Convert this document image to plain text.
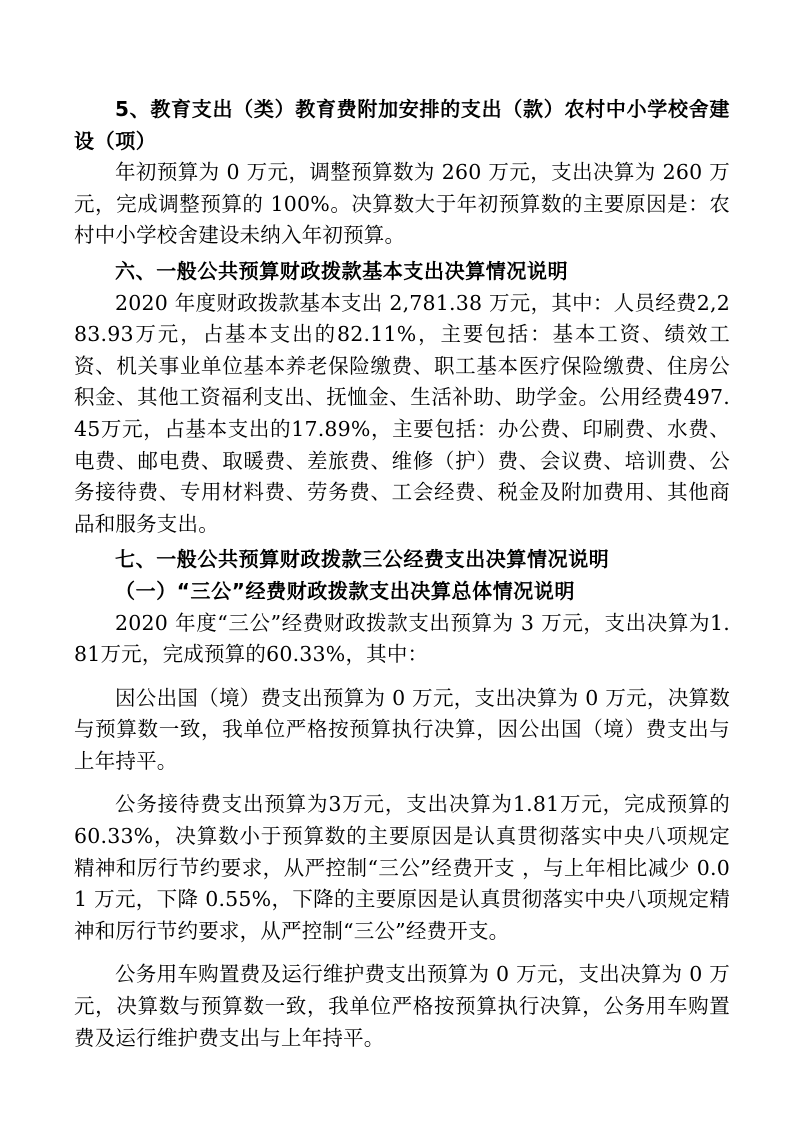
5、教育支出（类）教育费附加安排的支出（款）农村中小学校舍建设（项）

年初预算为 0 万元，调整预算数为 260 万元，支出决算为 260 万元，完成调整预算的 100%。决算数大于年初预算数的主要原因是：农村中小学校舍建设未纳入年初预算。

六、一般公共预算财政拨款基本支出决算情况说明

2020 年度财政拨款基本支出 2,781.38 万元，其中：人员经费2,283.93万元，占基本支出的82.11%，主要包括：基本工资、绩效工资、机关事业单位基本养老保险缴费、职工基本医疗保险缴费、住房公积金、其他工资福利支出、抚恤金、生活补助、助学金。公用经费497.45万元，占基本支出的17.89%，主要包括：办公费、印刷费、水费、电费、邮电费、取暖费、差旅费、维修（护）费、会议费、培训费、公务接待费、专用材料费、劳务费、工会经费、税金及附加费用、其他商品和服务支出。

七、一般公共预算财政拨款三公经费支出决算情况说明

（一）“三公”经费财政拨款支出决算总体情况说明

2020 年度“三公”经费财政拨款支出预算为 3 万元，支出决算为1.81万元，完成预算的60.33%，其中：

因公出国（境）费支出预算为 0 万元，支出决算为 0 万元，决算数与预算数一致，我单位严格按预算执行决算，因公出国（境）费支出与上年持平。

公务接待费支出预算为3万元，支出决算为1.81万元，完成预算的 60.33%，决算数小于预算数的主要原因是认真贯彻落实中央八项规定精神和厉行节约要求，从严控制“三公”经费开支 ，与上年相比减少 0.01 万元，下降 0.55%，下降的主要原因是认真贯彻落实中央八项规定精神和厉行节约要求，从严控制“三公”经费开支。

公务用车购置费及运行维护费支出预算为 0 万元，支出决算为 0 万元，决算数与预算数一致，我单位严格按预算执行决算，公务用车购置费及运行维护费支出与上年持平。
